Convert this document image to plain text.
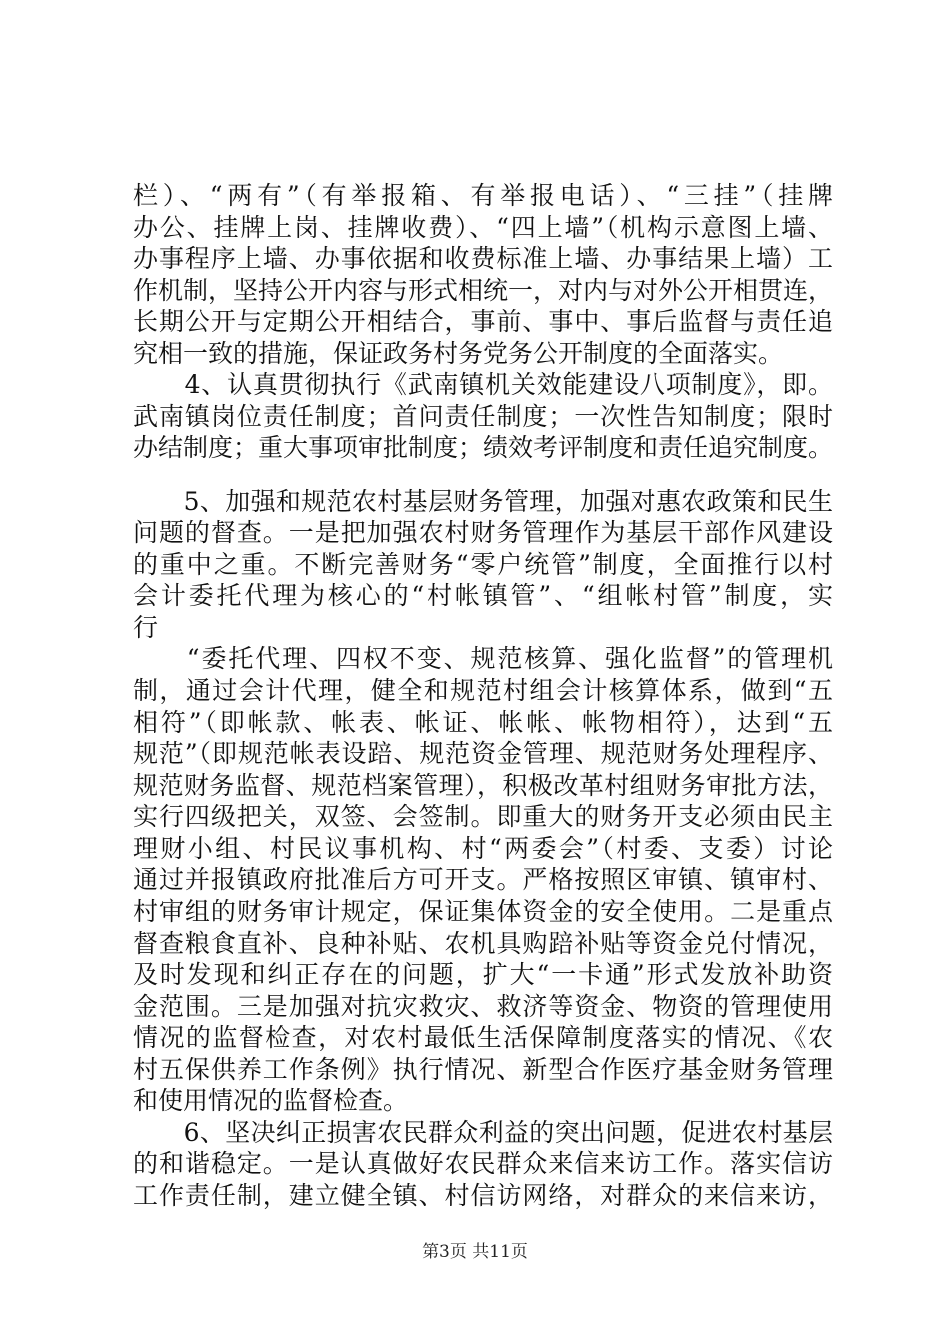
栏）、“两有”（有举报箱、有举报电话）、“三挂”（挂牌
办公、挂牌上岗、挂牌收费）、“四上墙”（机构示意图上墙、
办事程序上墙、办事依据和收费标准上墙、办事结果上墙）工
作机制，坚持公开内容与形式相统一，对内与对外公开相贯连，
长期公开与定期公开相结合，事前、事中、事后监督与责任追
究相一致的措施，保证政务村务党务公开制度的全面落实。
　　4、认真贯彻执行《武南镇机关效能建设八项制度》，即。
武南镇岗位责任制度；首问责任制度；一次性告知制度；限时
办结制度；重大事项审批制度；绩效考评制度和责任追究制度。
　　5、加强和规范农村基层财务管理，加强对惠农政策和民生
问题的督查。一是把加强农村财务管理作为基层干部作风建设
的重中之重。不断完善财务“零户统管”制度，全面推行以村
会计委托代理为核心的“村帐镇管”、“组帐村管”制度，实
行
　　“委托代理、四权不变、规范核算、强化监督”的管理机
制，通过会计代理，健全和规范村组会计核算体系，做到“五
相符”（即帐款、帐表、帐证、帐帐、帐物相符），达到“五
规范”（即规范帐表设踣、规范资金管理、规范财务处理程序、
规范财务监督、规范档案管理），积极改革村组财务审批方法，
实行四级把关，双签、会签制。即重大的财务开支必须由民主
理财小组、村民议事机构、村“两委会”（村委、支委）讨论
通过并报镇政府批准后方可开支。严格按照区审镇、镇审村、
村审组的财务审计规定，保证集体资金的安全使用。二是重点
督查粮食直补、良种补贴、农机具购踣补贴等资金兑付情况，
及时发现和纠正存在的问题，扩大“一卡通”形式发放补助资
金范围。三是加强对抗灾救灾、救济等资金、物资的管理使用
情况的监督检查，对农村最低生活保障制度落实的情况、《农
村五保供养工作条例》执行情况、新型合作医疗基金财务管理
和使用情况的监督检查。
　　6、坚决纠正损害农民群众利益的突出问题，促进农村基层
的和谐稳定。一是认真做好农民群众来信来访工作。落实信访
工作责任制，建立健全镇、村信访网络，对群众的来信来访，
第3页 共11页
